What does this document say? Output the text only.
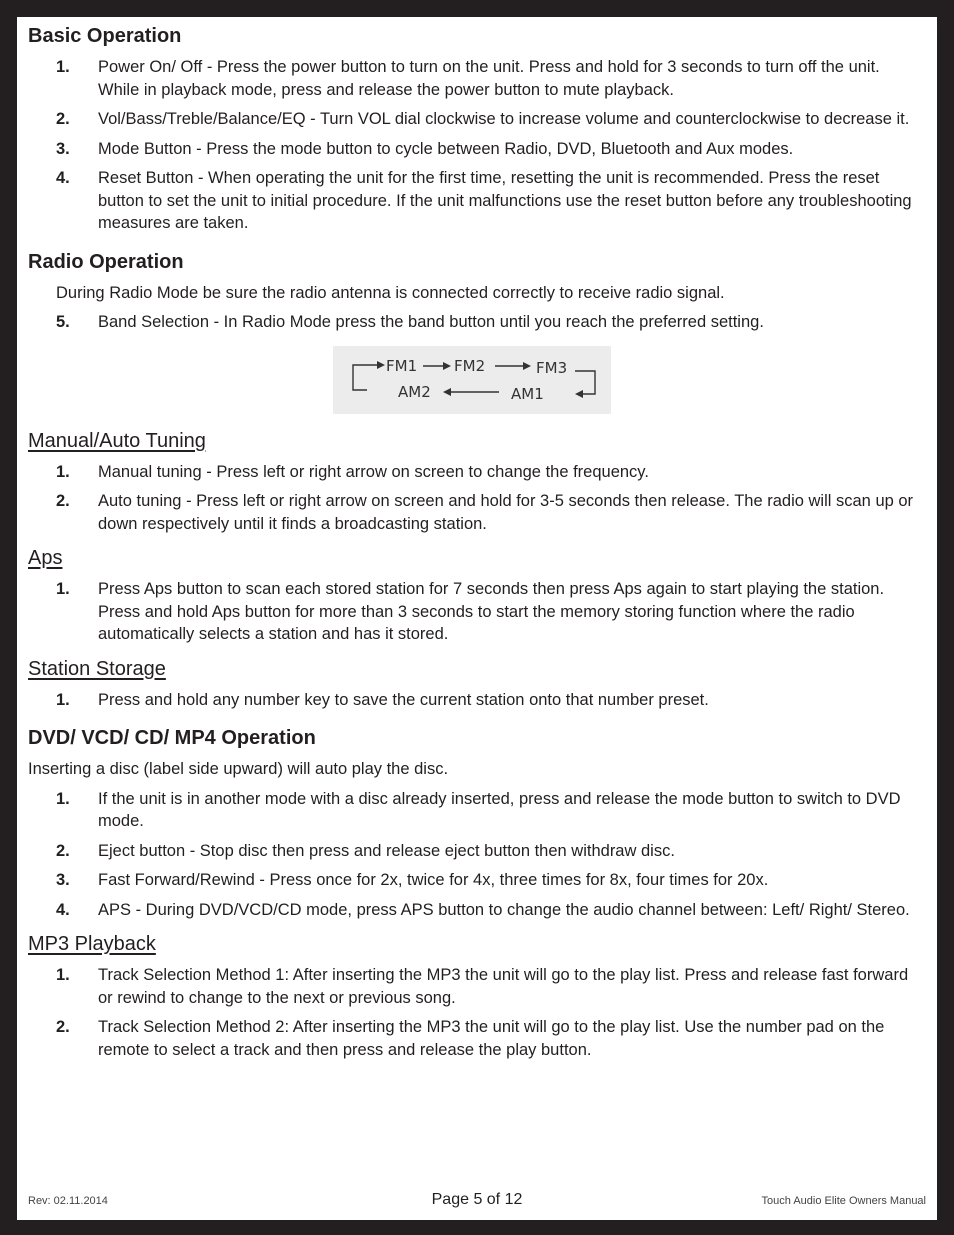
Basic Operation
1. Power On/ Off - Press the power button to turn on the unit. Press and hold for 3 seconds to turn off the unit. While in playback mode, press and release the power button to mute playback.
2. Vol/Bass/Treble/Balance/EQ - Turn VOL dial clockwise to increase volume and counterclockwise to decrease it.
3. Mode Button - Press the mode button to cycle between Radio, DVD, Bluetooth and Aux modes.
4. Reset Button - When operating the unit for the first time, resetting the unit is recommended. Press the reset button to set the unit to initial procedure. If the unit malfunctions use the reset button before any troubleshooting measures are taken.
Radio Operation
During Radio Mode be sure the radio antenna is connected correctly to receive radio signal.
5. Band Selection - In Radio Mode press the band button until you reach the preferred setting.
FM1 FM2	FM3
AM2	AM1
Manual/Auto Tuning
1. Manual tuning - Press left or right arrow on screen to change the frequency.
2. Auto tuning - Press left or right arrow on screen and hold for 3-5 seconds then release. The radio will scan up or down respectively until it finds a broadcasting station.
Aps
1. Press Aps button to scan each stored station for 7 seconds then press Aps again to start playing the station. Press and hold Aps button for more than 3 seconds to start the memory storing function where the radio automatically selects a station and has it stored.
Station Storage
1. Press and hold any number key to save the current station onto that number preset.
DVD/ VCD/ CD/ MP4 Operation
Inserting a disc (label side upward) will auto play the disc.
1. If the unit is in another mode with a disc already inserted, press and release the mode button to switch to DVD mode.
2. Eject button - Stop disc then press and release eject button then withdraw disc.
3. Fast Forward/Rewind - Press once for 2x, twice for 4x, three times for 8x, four times for 20x.
4. APS - During DVD/VCD/CD mode, press APS button to change the audio channel between: Left/ Right/ Stereo.
MP3 Playback
1. Track Selection Method 1: After inserting the MP3 the unit will go to the play list. Press and release fast forward or rewind to change to the next or previous song.
2. Track Selection Method 2: After inserting the MP3 the unit will go to the play list. Use the number pad on the remote to select a track and then press and release the play button.
Rev: 02.11.2014	Page 5 of 12	Touch Audio Elite Owners Manual
